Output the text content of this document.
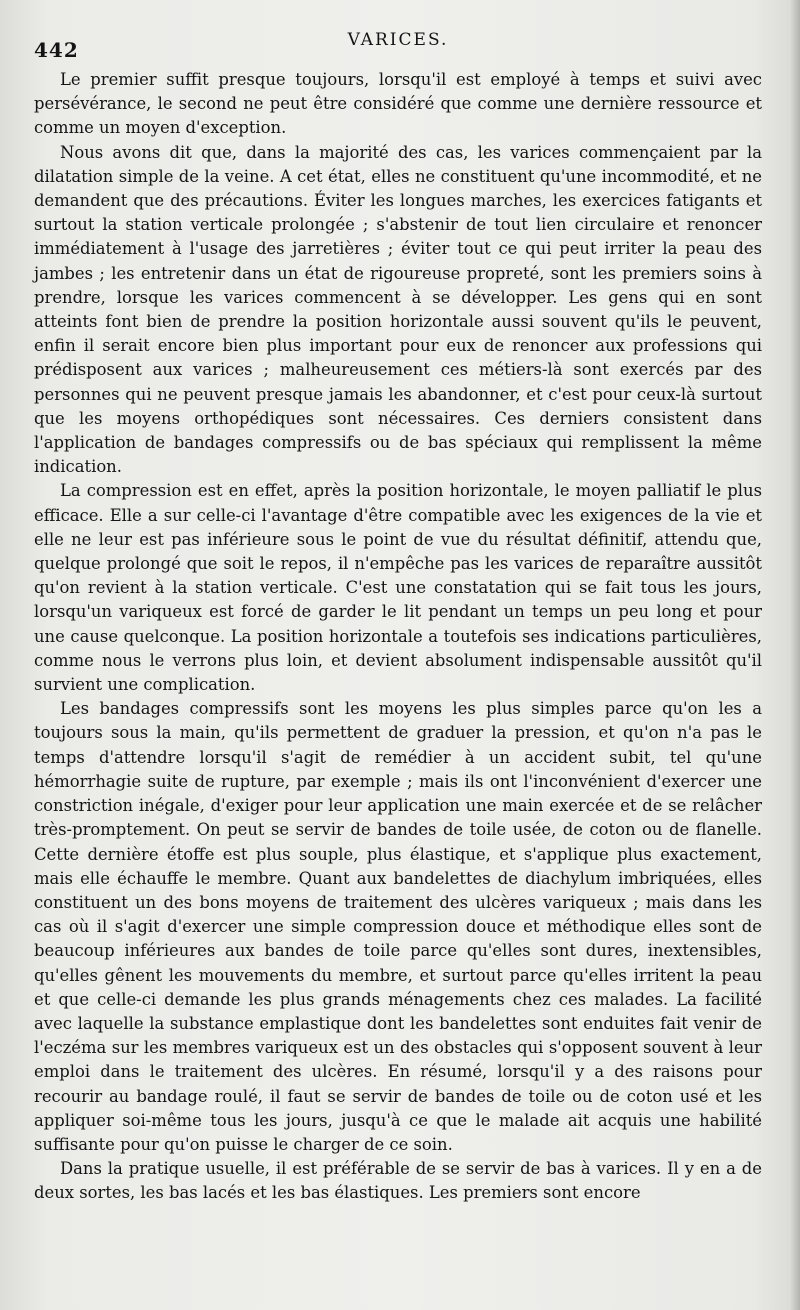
442	VARICES.

Le premier suffit presque toujours, lorsqu'il est employé à temps et suivi avec persévérance, le second ne peut être considéré que comme une dernière ressource et comme un moyen d'exception.

Nous avons dit que, dans la majorité des cas, les varices commençaient par la dilatation simple de la veine. A cet état, elles ne constituent qu'une incommodité, et ne demandent que des précautions. Éviter les longues marches, les exercices fatigants et surtout la station verticale prolongée ; s'abstenir de tout lien circulaire et renoncer immédiatement à l'usage des jarretières ; éviter tout ce qui peut irriter la peau des jambes ; les entretenir dans un état de rigoureuse propreté, sont les premiers soins à prendre, lorsque les varices commencent à se développer. Les gens qui en sont atteints font bien de prendre la position horizontale aussi souvent qu'ils le peuvent, enfin il serait encore bien plus important pour eux de renoncer aux professions qui prédisposent aux varices ; malheureusement ces métiers-là sont exercés par des personnes qui ne peuvent presque jamais les abandonner, et c'est pour ceux-là surtout que les moyens orthopédiques sont nécessaires. Ces derniers consistent dans l'application de bandages compressifs ou de bas spéciaux qui remplissent la même indication.

La compression est en effet, après la position horizontale, le moyen palliatif le plus efficace. Elle a sur celle-ci l'avantage d'être compatible avec les exigences de la vie et elle ne leur est pas inférieure sous le point de vue du résultat définitif, attendu que, quelque prolongé que soit le repos, il n'empêche pas les varices de reparaître aussitôt qu'on revient à la station verticale. C'est une constatation qui se fait tous les jours, lorsqu'un variqueux est forcé de garder le lit pendant un temps un peu long et pour une cause quelconque. La position horizontale a toutefois ses indications particulières, comme nous le verrons plus loin, et devient absolument indispensable aussitôt qu'il survient une complication.

Les bandages compressifs sont les moyens les plus simples parce qu'on les a toujours sous la main, qu'ils permettent de graduer la pression, et qu'on n'a pas le temps d'attendre lorsqu'il s'agit de remédier à un accident subit, tel qu'une hémorrhagie suite de rupture, par exemple ; mais ils ont l'inconvénient d'exercer une constriction inégale, d'exiger pour leur application une main exercée et de se relâcher très-promptement. On peut se servir de bandes de toile usée, de coton ou de flanelle. Cette dernière étoffe est plus souple, plus élastique, et s'applique plus exactement, mais elle échauffe le membre. Quant aux bandelettes de diachylum imbriquées, elles constituent un des bons moyens de traitement des ulcères variqueux ; mais dans les cas où il s'agit d'exercer une simple compression douce et méthodique elles sont de beaucoup inférieures aux bandes de toile parce qu'elles sont dures, inextensibles, qu'elles gênent les mouvements du membre, et surtout parce qu'elles irritent la peau et que celle-ci demande les plus grands ménagements chez ces malades. La facilité avec laquelle la substance emplastique dont les bandelettes sont enduites fait venir de l'eczéma sur les membres variqueux est un des obstacles qui s'opposent souvent à leur emploi dans le traitement des ulcères. En résumé, lorsqu'il y a des raisons pour recourir au bandage roulé, il faut se servir de bandes de toile ou de coton usé et les appliquer soi-même tous les jours, jusqu'à ce que le malade ait acquis une habilité suffisante pour qu'on puisse le charger de ce soin.

Dans la pratique usuelle, il est préférable de se servir de bas à varices. Il y en a de deux sortes, les bas lacés et les bas élastiques. Les premiers sont encore
